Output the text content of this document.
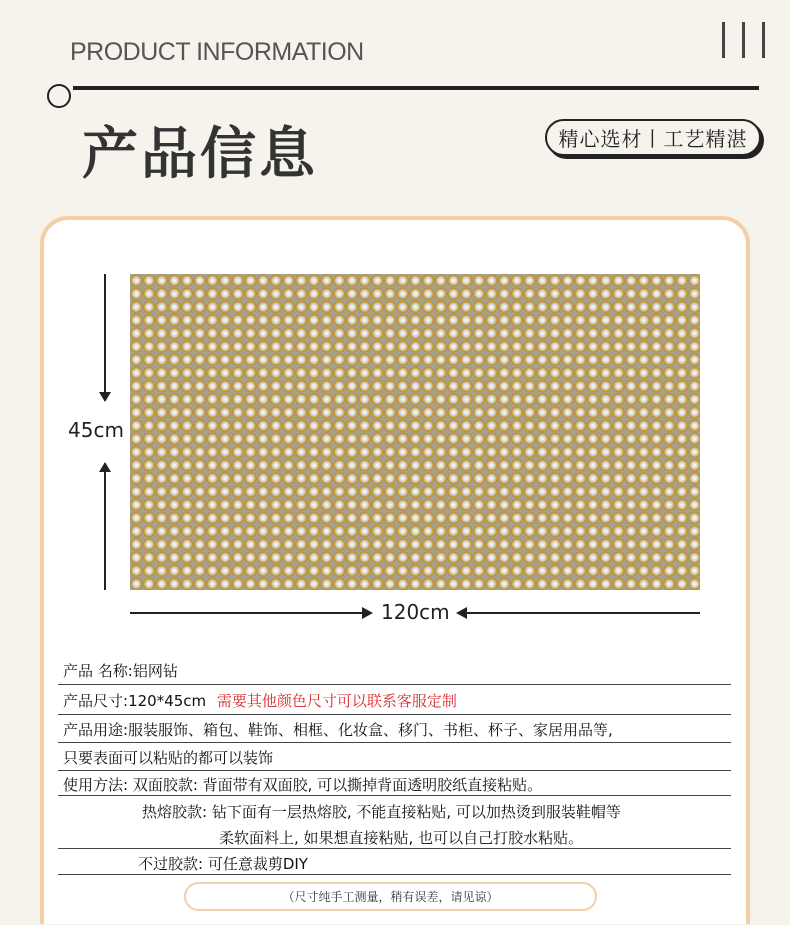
PRODUCT INFORMATION
产品信息	精心选材丨工艺精湛
45cm
120cm
产品 名称:铝网钻
产品尺寸:120*45cm 需要其他颜色尺寸可以联系客服定制
产品用途:服装服饰、箱包、鞋饰、相框、化妆盒、移门、书柜、杯子、家居用品等,
只要表面可以粘贴的都可以装饰
使用方法: 双面胶款: 背面带有双面胶, 可以撕掉背面透明胶纸直接粘贴。
热熔胶款: 钻下面有一层热熔胶, 不能直接粘贴, 可以加热烫到服装鞋帽等
柔软面料上, 如果想直接粘贴, 也可以自己打胶水粘贴。
不过胶款: 可任意裁剪DIY
（尺寸纯手工测量，稍有误差，请见谅）
